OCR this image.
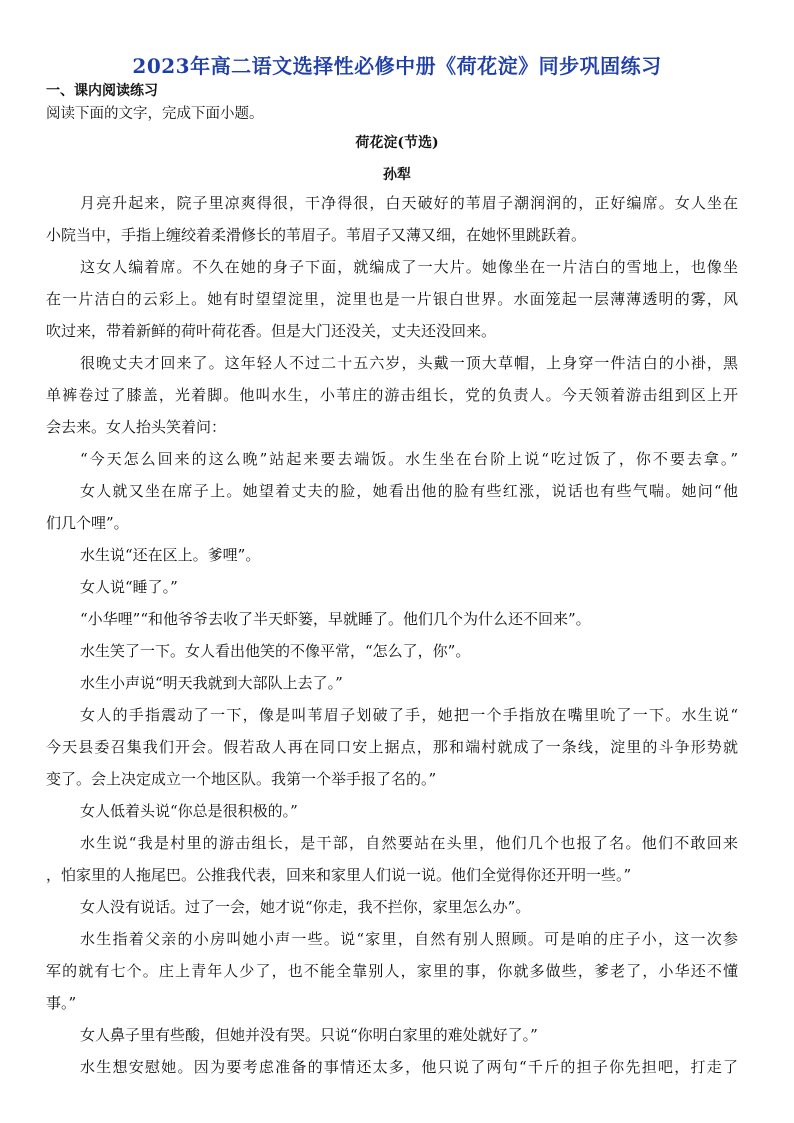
2023年高二语文选择性必修中册《荷花淀》同步巩固练习
一、课内阅读练习
阅读下面的文字，完成下面小题。
荷花淀(节选)
孙犁
月亮升起来，院子里凉爽得很，干净得很，白天破好的苇眉子潮润润的，正好编席。女人坐在
小院当中，手指上缠绞着柔滑修长的苇眉子。苇眉子又薄又细，在她怀里跳跃着。
这女人编着席。不久在她的身子下面，就编成了一大片。她像坐在一片洁白的雪地上，也像坐
在一片洁白的云彩上。她有时望望淀里，淀里也是一片银白世界。水面笼起一层薄薄透明的雾，风
吹过来，带着新鲜的荷叶荷花香。但是大门还没关，丈夫还没回来。
很晚丈夫才回来了。这年轻人不过二十五六岁，头戴一顶大草帽，上身穿一件洁白的小褂，黑
单裤卷过了膝盖，光着脚。他叫水生，小苇庄的游击组长，党的负责人。今天领着游击组到区上开
会去来。女人抬头笑着问：
“今天怎么回来的这么晚”站起来要去端饭。水生坐在台阶上说“吃过饭了，你不要去拿。”
女人就又坐在席子上。她望着丈夫的脸，她看出他的脸有些红涨，说话也有些气喘。她问“他
们几个哩”。
水生说“还在区上。爹哩”。
女人说“睡了。”
“小华哩”“和他爷爷去收了半天虾篓，早就睡了。他们几个为什么还不回来”。
水生笑了一下。女人看出他笑的不像平常，“怎么了，你”。
水生小声说“明天我就到大部队上去了。”
女人的手指震动了一下，像是叫苇眉子划破了手，她把一个手指放在嘴里吮了一下。水生说“
今天县委召集我们开会。假若敌人再在同口安上据点，那和端村就成了一条线，淀里的斗争形势就
变了。会上决定成立一个地区队。我第一个举手报了名的。”
女人低着头说“你总是很积极的。”
水生说“我是村里的游击组长，是干部，自然要站在头里，他们几个也报了名。他们不敢回来
，怕家里的人拖尾巴。公推我代表，回来和家里人们说一说。他们全觉得你还开明一些。”
女人没有说话。过了一会，她才说“你走，我不拦你，家里怎么办”。
水生指着父亲的小房叫她小声一些。说“家里，自然有别人照顾。可是咱的庄子小，这一次参
军的就有七个。庄上青年人少了，也不能全靠别人，家里的事，你就多做些，爹老了，小华还不懂
事。”
女人鼻子里有些酸，但她并没有哭。只说“你明白家里的难处就好了。”
水生想安慰她。因为要考虑准备的事情还太多，他只说了两句“千斤的担子你先担吧，打走了
